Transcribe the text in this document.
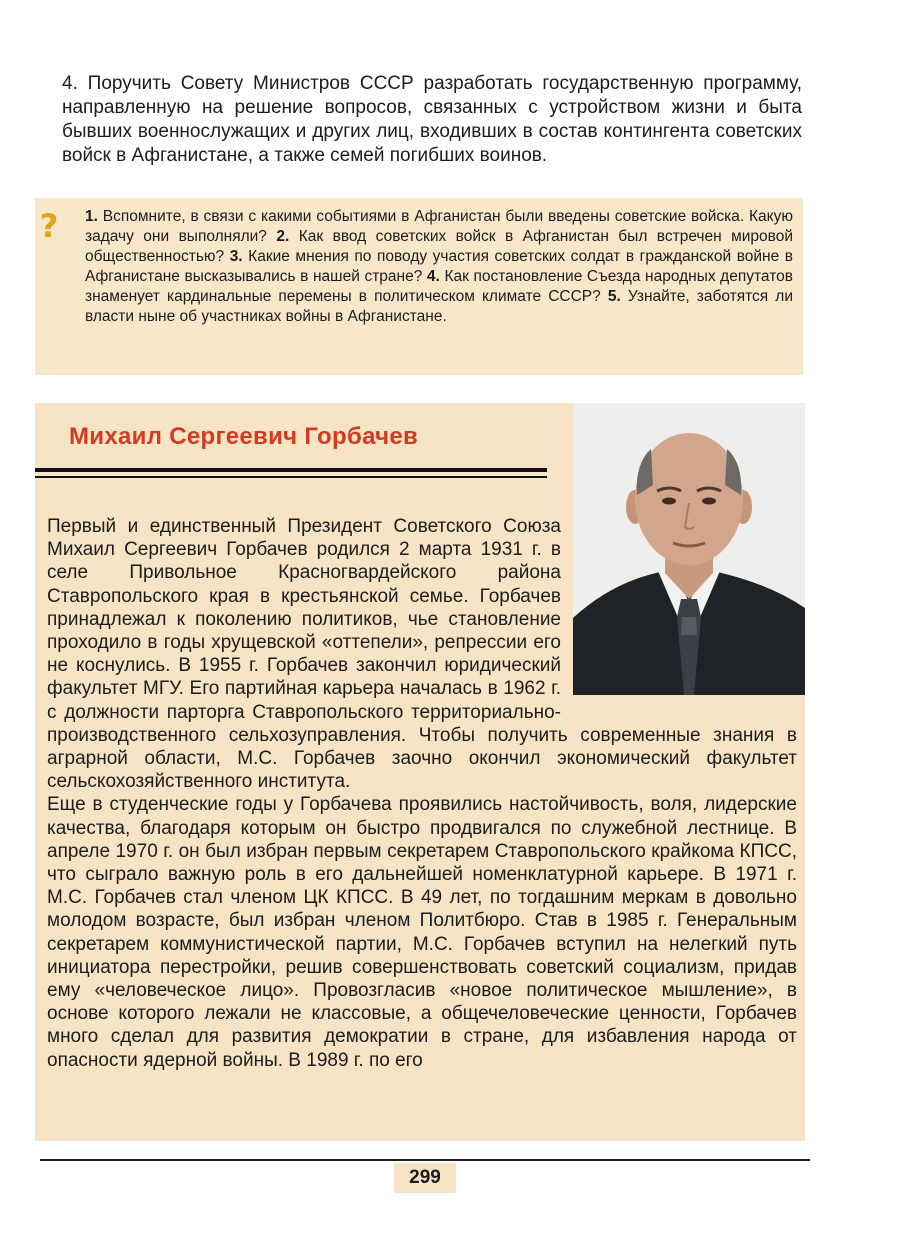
4. Поручить Совету Министров СССР разработать государственную программу, направленную на решение вопросов, связанных с устройством жизни и быта бывших военнослужащих и других лиц, входивших в состав контингента советских войск в Афганистане, а также семей погибших воинов.
? 1. Вспомните, в связи с какими событиями в Афганистан были введены советские войска. Какую задачу они выполняли? 2. Как ввод советских войск в Афганистан был встречен мировой общественностью? 3. Какие мнения по поводу участия советских солдат в гражданской войне в Афганистане высказывались в нашей стране? 4. Как постановление Съезда народных депутатов знаменует кардинальные перемены в политическом климате СССР? 5. Узнайте, заботятся ли власти ныне об участниках войны в Афганистане.
Михаил Сергеевич Горбачев

Первый и единственный Президент Советского Союза Михаил Сергеевич Горбачев родился 2 марта 1931 г. в селе Привольное Красногвардейского района Ставропольского края в крестьянской семье. Горбачев принадлежал к поколению политиков, чье становление проходило в годы хрущевской «оттепели», репрессии его не коснулись. В 1955 г. Горбачев закончил юридический факультет МГУ. Его партийная карьера началась в 1962 г. с должности парторга Ставропольского территориально-производственного сельхозуправления. Чтобы получить современные знания в аграрной области, М.С. Горбачев заочно окончил экономический факультет сельскохозяйственного института.

Еще в студенческие годы у Горбачева проявились настойчивость, воля, лидерские качества, благодаря которым он быстро продвигался по служебной лестнице. В апреле 1970 г. он был избран первым секретарем Ставропольского крайкома КПСС, что сыграло важную роль в его дальнейшей номенклатурной карьере. В 1971 г. М.С. Горбачев стал членом ЦК КПСС. В 49 лет, по тогдашним меркам в довольно молодом возрасте, был избран членом Политбюро. Став в 1985 г. Генеральным секретарем коммунистической партии, М.С. Горбачев вступил на нелегкий путь инициатора перестройки, решив совершенствовать советский социализм, придав ему «человеческое лицо». Провозгласив «новое политическое мышление», в основе которого лежали не классовые, а общечеловеческие ценности, Горбачев много сделал для развития демократии в стране, для избавления народа от опасности ядерной войны. В 1989 г. по его

299
